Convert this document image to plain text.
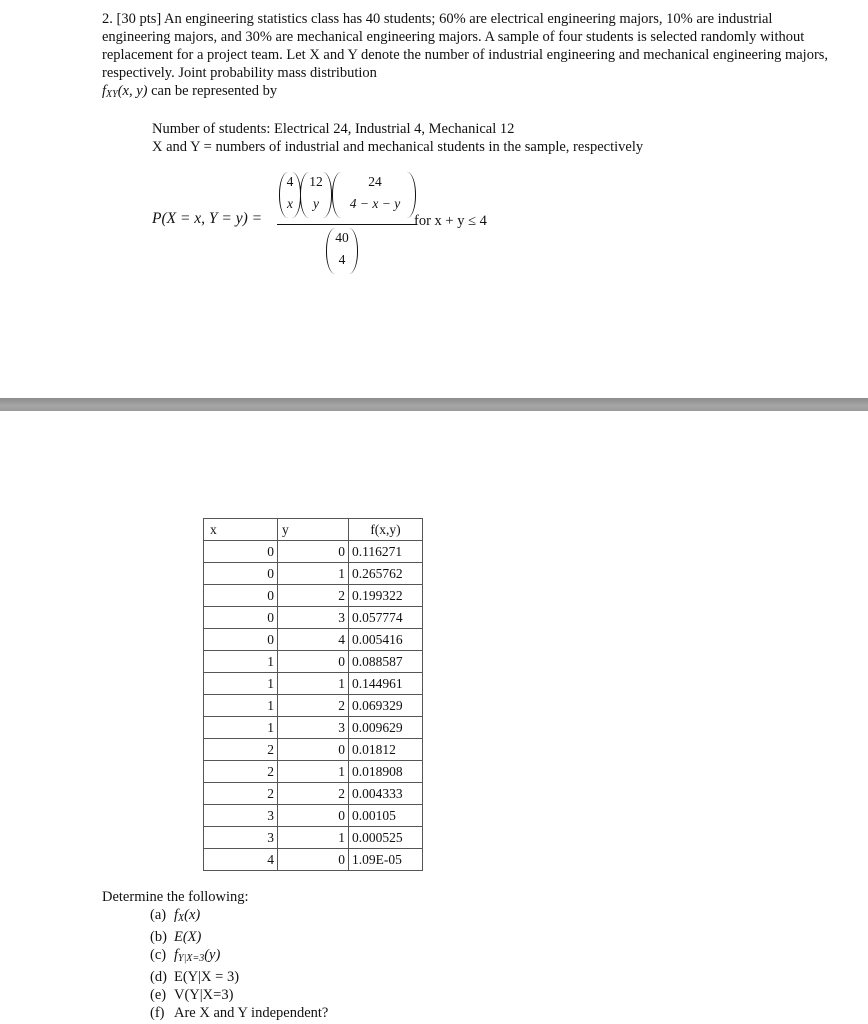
2. [30 pts] An engineering statistics class has 40 students; 60% are electrical engineering majors, 10% are industrial engineering majors, and 30% are mechanical engineering majors. A sample of four students is selected randomly without replacement for a project team. Let X and Y denote the number of industrial engineering and mechanical engineering majors, respectively. Joint probability mass distribution
$f_{XY}(x$, y) can be represented by

Number of students: Electrical 24, Industrial 4, Mechanical 12
X and Y = numbers of industrial and mechanical students in the sample, respectively
P(X = x, Y = y) =
4
x
12
y
24
4 − x − y
40
4
for x + y ≤ 4
x	y	f(x,y)
0	0	0.116271
0	1	0.265762
0	2	0.199322
0	3	0.057774
0	4	0.005416
1	0	0.088587
1	1	0.144961
1	2	0.069329
1	3	0.009629
2	0	0.01812
2	1	0.018908
2	2	0.004333
3	0	0.00105
3	1	0.000525
4	0	1.09E-05
Determine the following:
(a) $f_X(x)$
(b) E(X)
(c) $f_{Y|X=3}(y)$
(d) E(Y|X = 3)
(e) V(Y|X=3)
(f) Are X and Y independent?
